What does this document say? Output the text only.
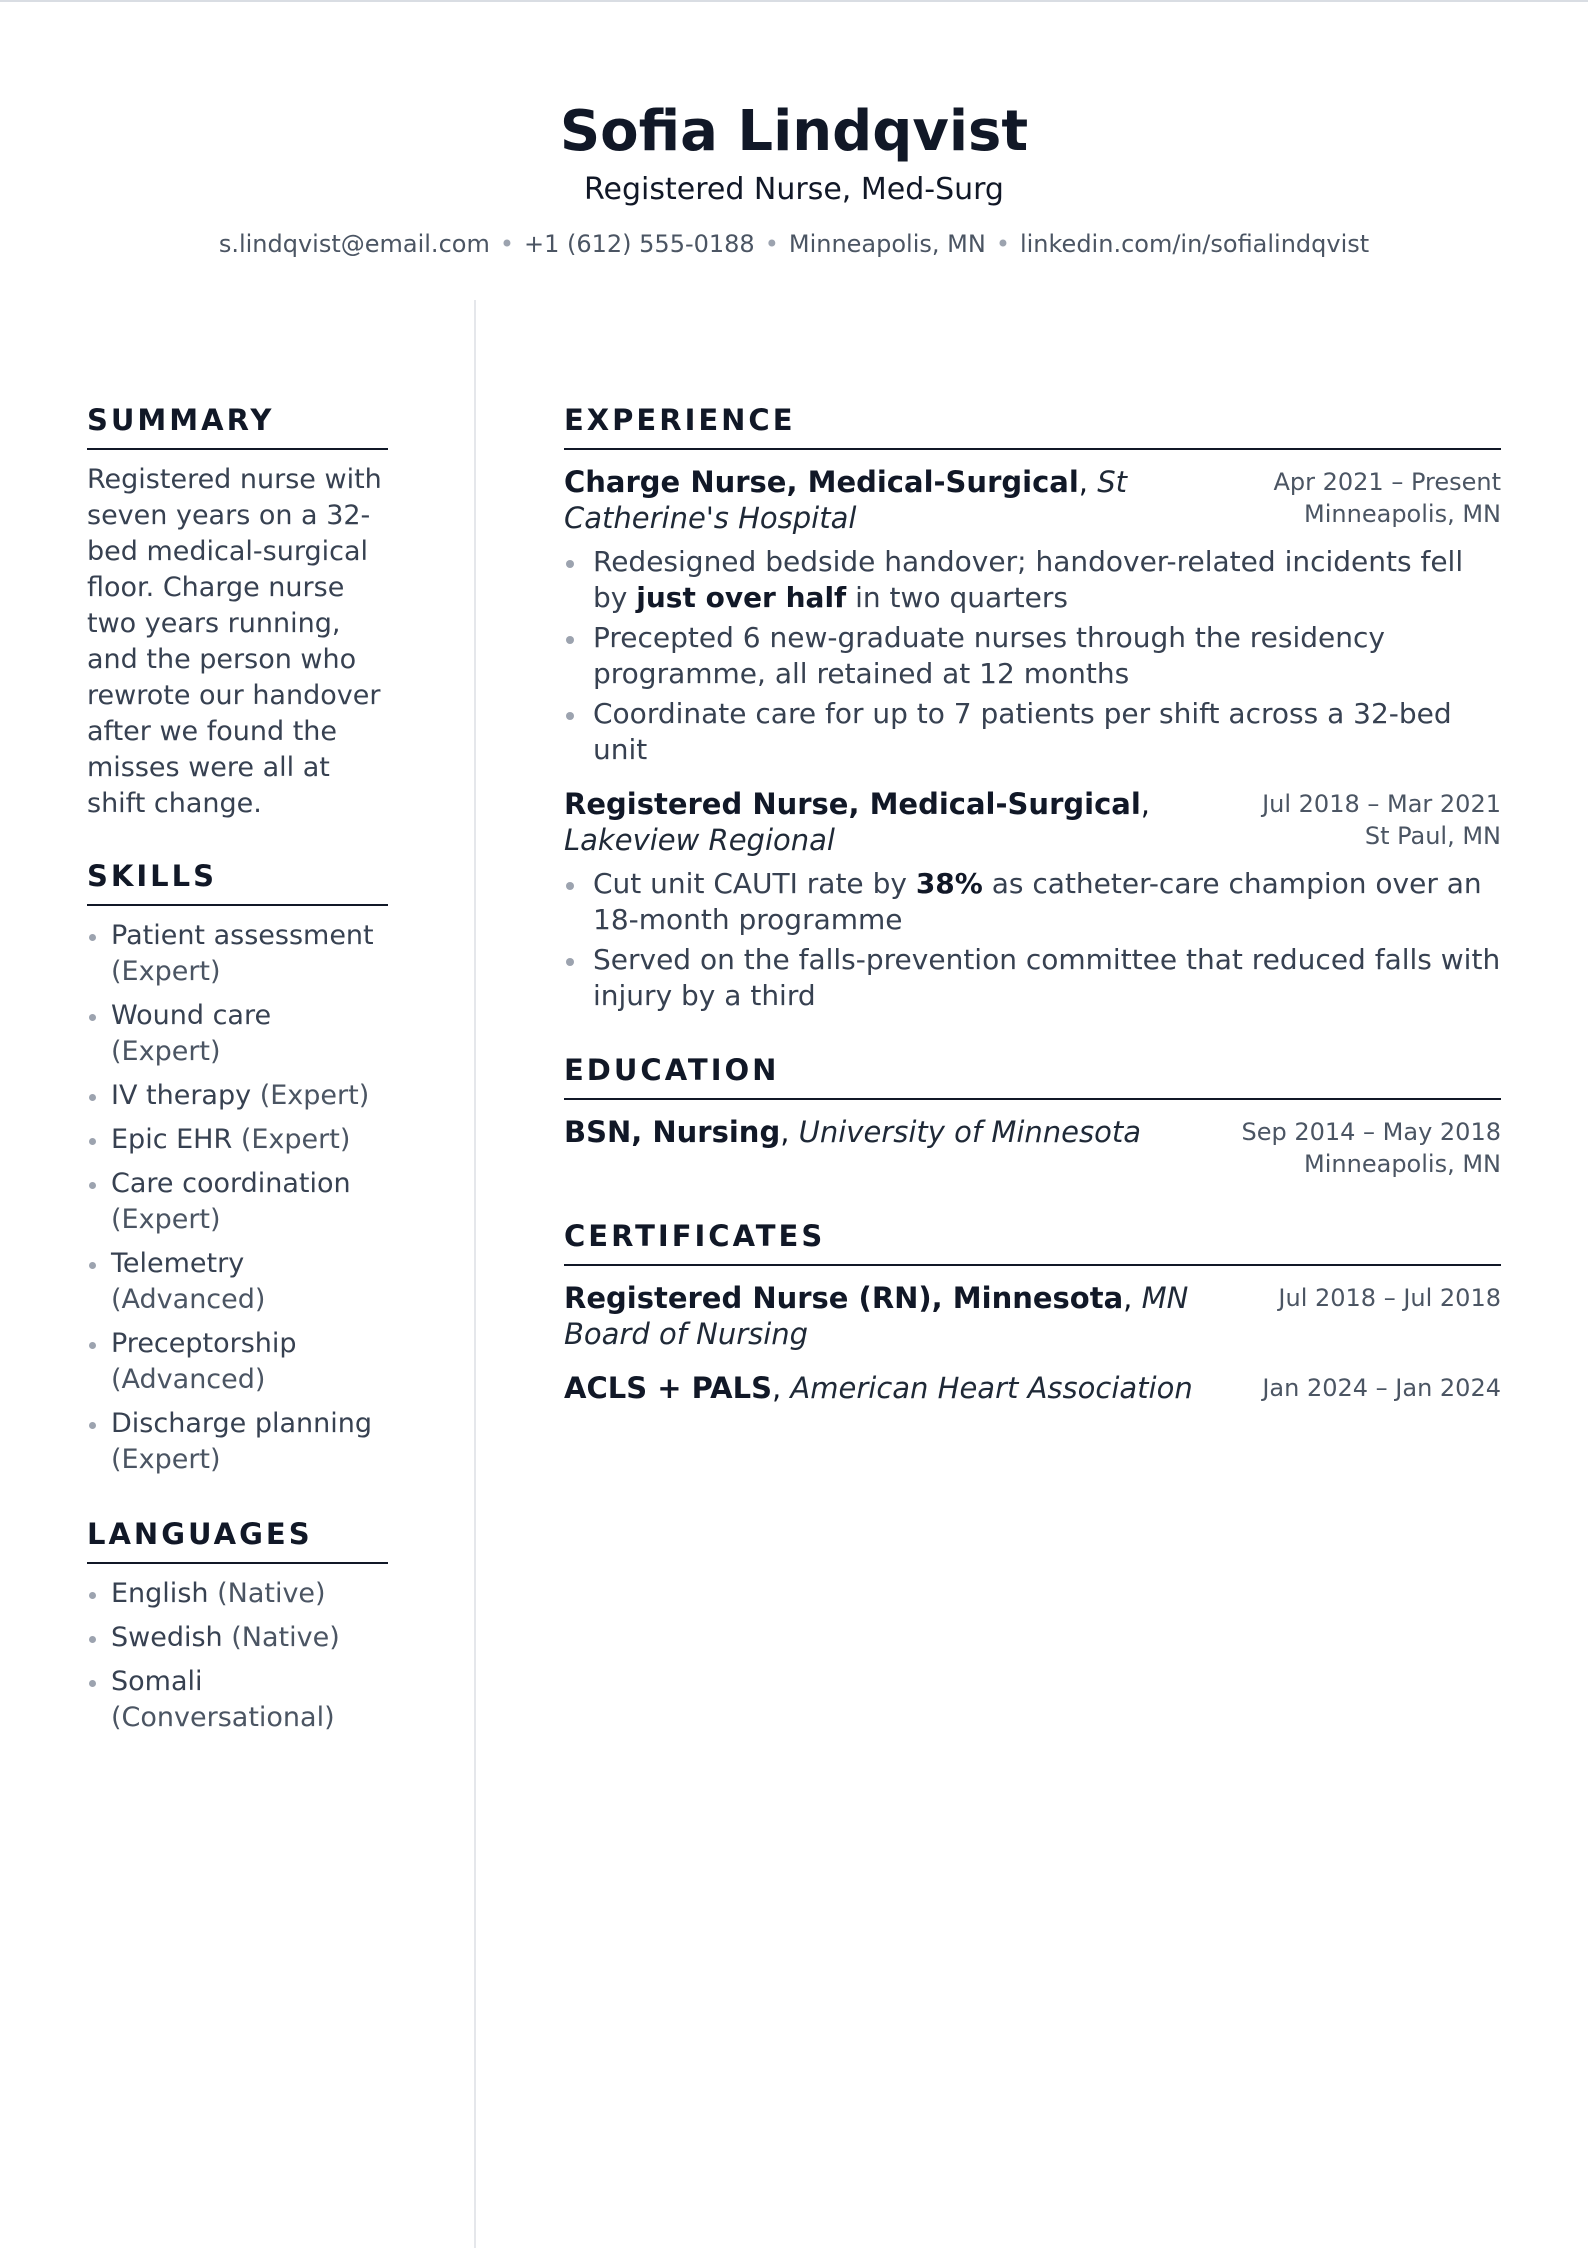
Sofia Lindqvist
Registered Nurse, Med-Surg
s.lindqvist@email.com • +1 (612) 555-0188 • Minneapolis, MN • linkedin.com/in/sofialindqvist
SUMMARY

Registered nurse with seven years on a 32-bed medical-surgical floor. Charge nurse two years running, and the person who rewrote our handover after we found the misses were all at shift change.

SKILLS
Patient assessment (Expert)
Wound care (Expert)
IV therapy (Expert)
Epic EHR (Expert)
Care coordination (Expert)
Telemetry (Advanced)
Preceptorship (Advanced)
Discharge planning (Expert)
LANGUAGES
English (Native)
Swedish (Native)
Somali (Conversational)
EXPERIENCE
Charge Nurse, Medical-Surgical, St Catherine's Hospital
Apr 2021 – Present
Minneapolis, MN
Redesigned bedside handover; handover-related incidents fell by just over half in two quarters
Precepted 6 new-graduate nurses through the residency programme, all retained at 12 months
Coordinate care for up to 7 patients per shift across a 32-bed unit
Registered Nurse, Medical-Surgical, Lakeview Regional
Jul 2018 – Mar 2021
St Paul, MN
Cut unit CAUTI rate by 38% as catheter-care champion over an 18-month programme
Served on the falls-prevention committee that reduced falls with injury by a third
EDUCATION
BSN, Nursing, University of Minnesota	Sep 2014 – May 2018
Minneapolis, MN
CERTIFICATES
Registered Nurse (RN), Minnesota, MN Board of Nursing
Jul 2018 – Jul 2018
ACLS + PALS, American Heart Association	Jan 2024 – Jan 2024
